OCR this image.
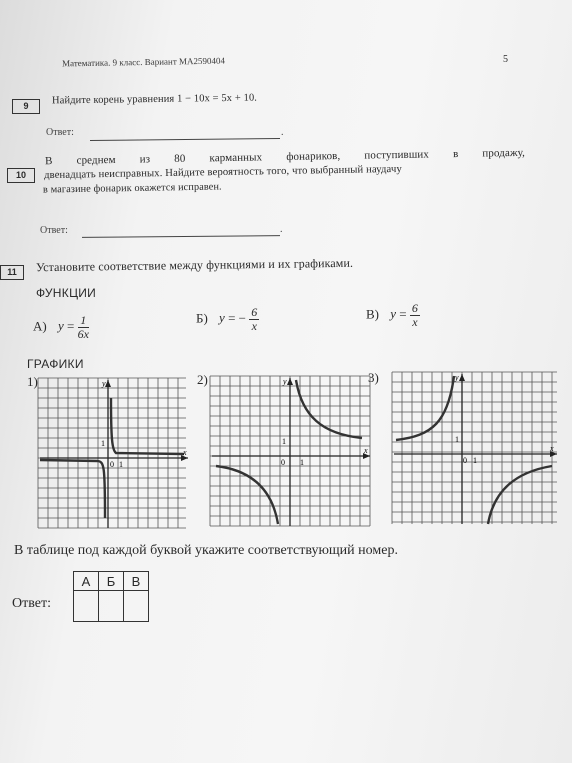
Математика. 9 класс. Вариант МА2590404	5
9	Найдите корень уравнения 1 − 10x = 5x + 10.
Ответ:	.
10
В среднем из 80 карманных фонариков, поступивших в продажу,
двенадцать неисправных. Найдите вероятность того, что выбранный наудачу
в магазине фонарик окажется исправен.
Ответ:	.
11	Установите соответствие между функциями и их графиками.
ФУНКЦИИ
А) $y = \frac{1}{6x}$	Б) y = − $\frac{6}{x}$	В) $y = \frac{6}{x}$
ГРАФИКИ
1)	2)	3)
y
x
1
0 1
y
x
1
0 1
y
x
1
0 1
В таблице под каждой буквой укажите соответствующий номер.
Ответ:
А	Б	В
